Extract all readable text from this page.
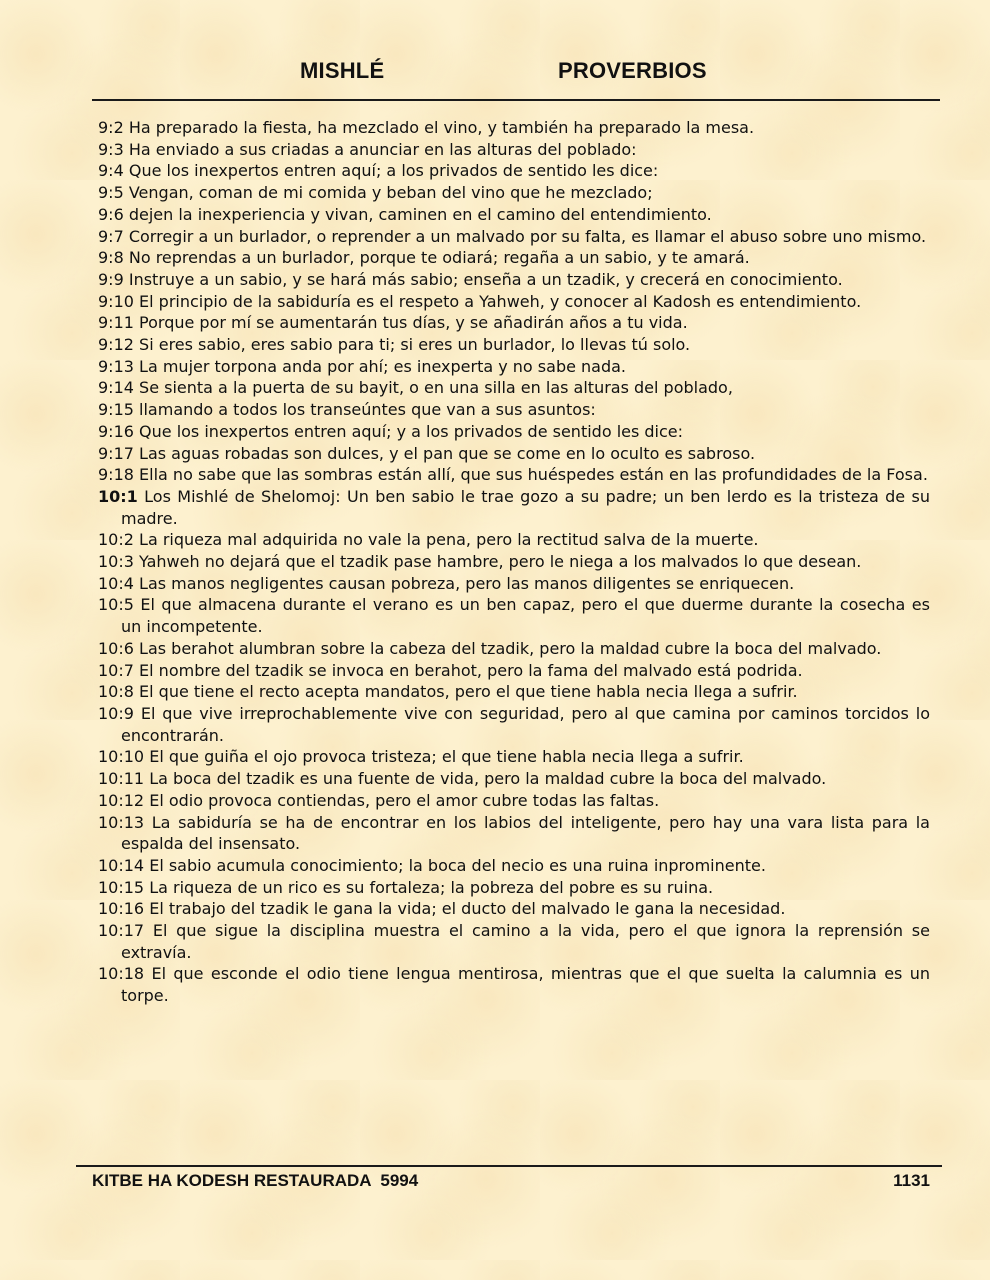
MISHLÉ	PROVERBIOS
9:2 Ha preparado la fiesta, ha mezclado el vino, y también ha preparado la mesa.
9:3 Ha enviado a sus criadas a anunciar en las alturas del poblado:
9:4 Que los inexpertos entren aquí; a los privados de sentido les dice:
9:5 Vengan, coman de mi comida y beban del vino que he mezclado;
9:6 dejen la inexperiencia y vivan, caminen en el camino del entendimiento.
9:7 Corregir a un burlador, o reprender a un malvado por su falta, es llamar el abuso sobre uno mismo.
9:8 No reprendas a un burlador, porque te odiará; regaña a un sabio, y te amará.
9:9 Instruye a un sabio, y se hará más sabio; enseña a un tzadik, y crecerá en conocimiento.
9:10 El principio de la sabiduría es el respeto a Yahweh, y conocer al Kadosh es entendimiento.
9:11 Porque por mí se aumentarán tus días, y se añadirán años a tu vida.
9:12 Si eres sabio, eres sabio para ti; si eres un burlador, lo llevas tú solo.
9:13 La mujer torpona anda por ahí; es inexperta y no sabe nada.
9:14 Se sienta a la puerta de su bayit, o en una silla en las alturas del poblado,
9:15 llamando a todos los transeúntes que van a sus asuntos:
9:16 Que los inexpertos entren aquí; y a los privados de sentido les dice:
9:17 Las aguas robadas son dulces, y el pan que se come en lo oculto es sabroso.
9:18 Ella no sabe que las sombras están allí, que sus huéspedes están en las profundidades de la Fosa.
10:1 Los Mishlé de Shelomoj: Un ben sabio le trae gozo a su padre; un ben lerdo es la tristeza de su madre.
10:2 La riqueza mal adquirida no vale la pena, pero la rectitud salva de la muerte.
10:3 Yahweh no dejará que el tzadik pase hambre, pero le niega a los malvados lo que desean.
10:4 Las manos negligentes causan pobreza, pero las manos diligentes se enriquecen.
10:5 El que almacena durante el verano es un ben capaz, pero el que duerme durante la cosecha es un incompetente.
10:6 Las berahot alumbran sobre la cabeza del tzadik, pero la maldad cubre la boca del malvado.
10:7 El nombre del tzadik se invoca en berahot, pero la fama del malvado está podrida.
10:8 El que tiene el recto acepta mandatos, pero el que tiene habla necia llega a sufrir.
10:9 El que vive irreprochablemente vive con seguridad, pero al que camina por caminos torcidos lo encontrarán.
10:10 El que guiña el ojo provoca tristeza; el que tiene habla necia llega a sufrir.
10:11 La boca del tzadik es una fuente de vida, pero la maldad cubre la boca del malvado.
10:12 El odio provoca contiendas, pero el amor cubre todas las faltas.
10:13 La sabiduría se ha de encontrar en los labios del inteligente, pero hay una vara lista para la espalda del insensato.
10:14 El sabio acumula conocimiento; la boca del necio es una ruina inprominente.
10:15 La riqueza de un rico es su fortaleza; la pobreza del pobre es su ruina.
10:16 El trabajo del tzadik le gana la vida; el ducto del malvado le gana la necesidad.
10:17 El que sigue la disciplina muestra el camino a la vida, pero el que ignora la reprensión se extravía.
10:18 El que esconde el odio tiene lengua mentirosa, mientras que el que suelta la calumnia es un torpe.
KITBE HA KODESH RESTAURADA  5994	1131
